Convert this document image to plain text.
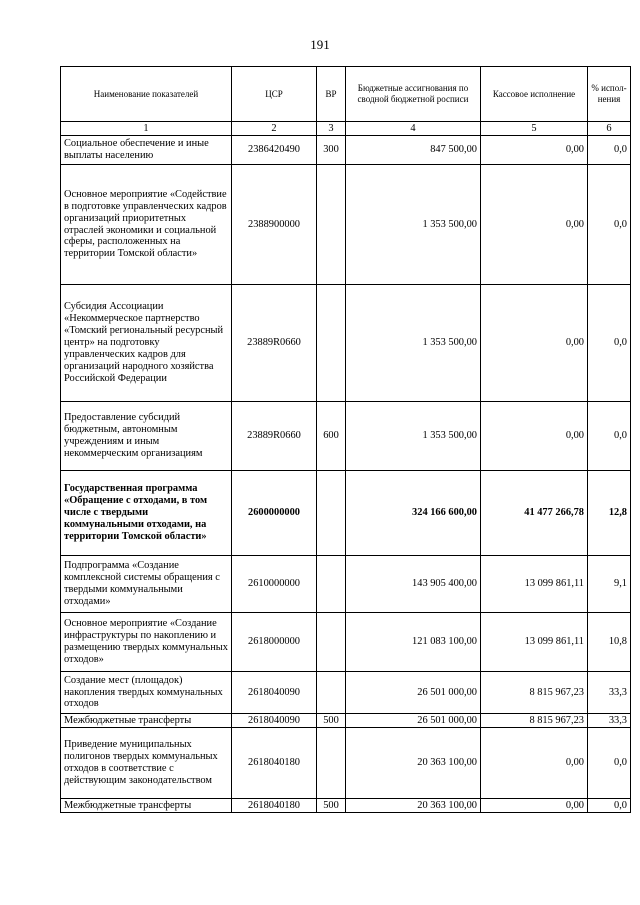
191
Наименование показателей	ЦСР	ВР	Бюджетные ассигнования по сводной бюджетной росписи	Кассовое исполнение	% испол-нения
1	2	3	4	5	6
Социальное обеспечение и иные выплаты населению	2386420490	300	847 500,00	0,00	0,0
Основное мероприятие «Содействие в подготовке управленческих кадров организаций приоритетных отраслей экономики и социальной сферы, расположенных на территории Томской области»	2388900000		1 353 500,00	0,00	0,0
Субсидия Ассоциации «Некоммерческое партнерство «Томский региональный ресурсный центр» на подготовку управленческих кадров для организаций народного хозяйства Российской Федерации	23889R0660		1 353 500,00	0,00	0,0
Предоставление субсидий бюджетным, автономным учреждениям и иным некоммерческим организациям	23889R0660	600	1 353 500,00	0,00	0,0
Государственная программа «Обращение с отходами, в том числе с твердыми коммунальными отходами, на территории Томской области»	2600000000		324 166 600,00	41 477 266,78	12,8
Подпрограмма «Создание комплексной системы обращения с твердыми коммунальными отходами»	2610000000		143 905 400,00	13 099 861,11	9,1
Основное мероприятие «Создание инфраструктуры по накоплению и размещению твердых коммунальных отходов»	2618000000		121 083 100,00	13 099 861,11	10,8
Создание мест (площадок) накопления твердых коммунальных отходов	2618040090		26 501 000,00	8 815 967,23	33,3
Межбюджетные трансферты	2618040090	500	26 501 000,00	8 815 967,23	33,3
Приведение муниципальных полигонов твердых коммунальных отходов в соответствие с действующим законодательством	2618040180		20 363 100,00	0,00	0,0
Межбюджетные трансферты	2618040180	500	20 363 100,00	0,00	0,0
